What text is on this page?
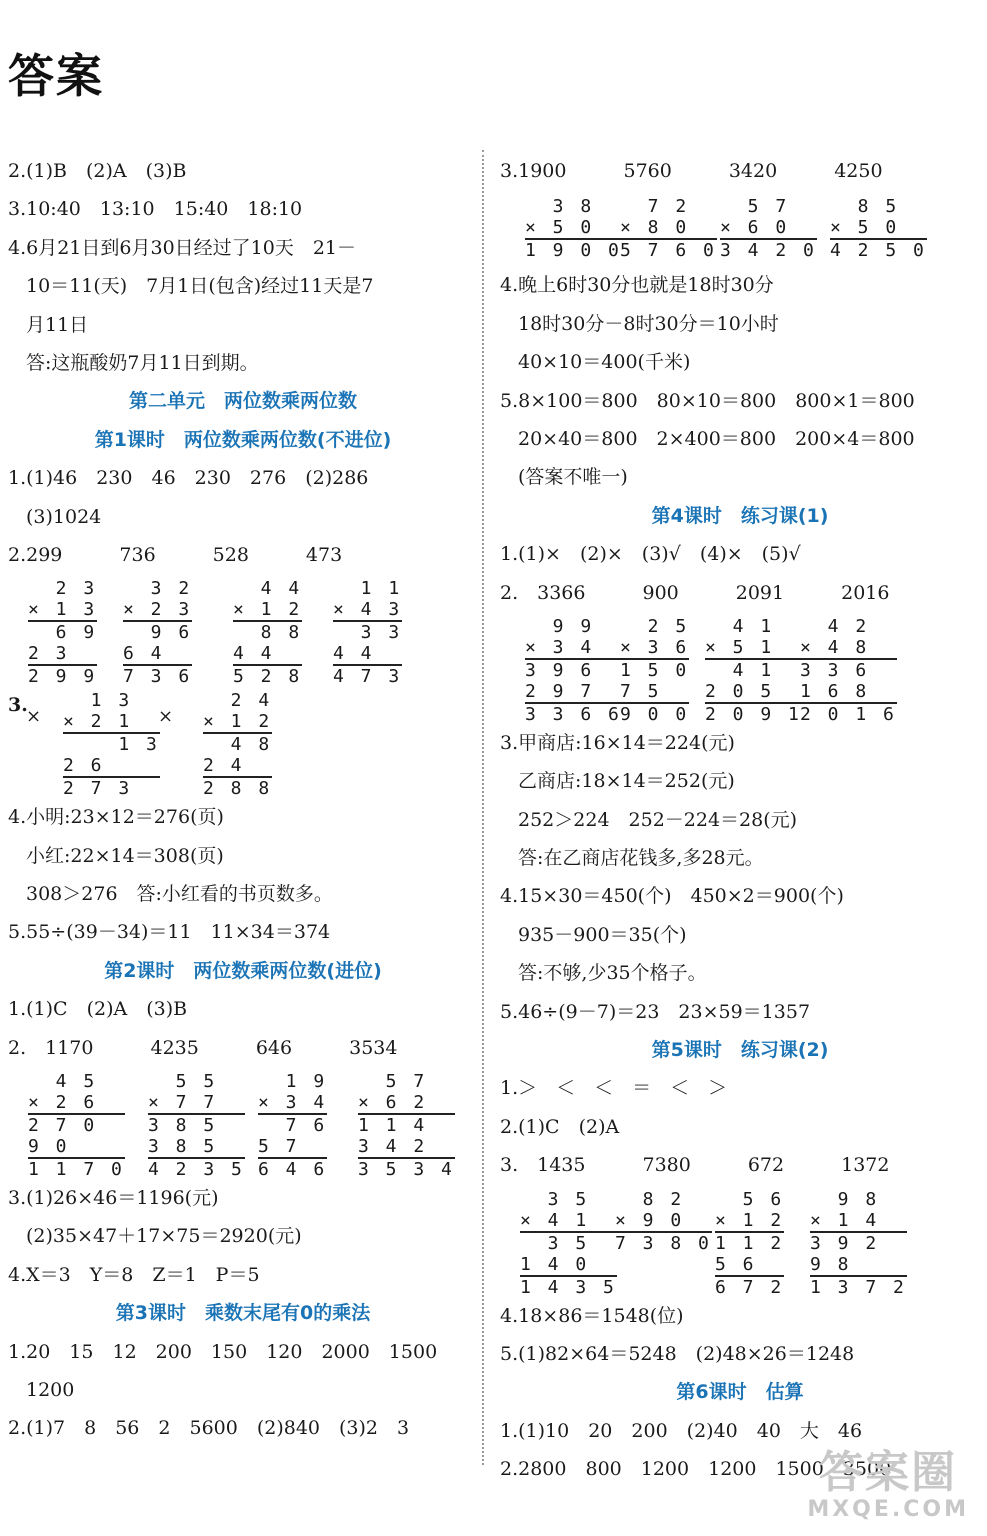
答案
2.(1)B　(2)A　(3)B
3.10:40　13:10　15:40　18:10
4.6月21日到6月30日经过了10天　21－
10＝11(天)　7月1日(包含)经过11天是7
月11日
答:这瓶酸奶7月11日到期。
第二单元　两位数乘两位数
第1课时　两位数乘两位数(不进位)
1.(1)46　230　46　230　276　(2)286
(3)1024
2.299　　　736　　　528　　　473
2 3
× 1 3
6 9
2 3
2 9 9
3 2
× 2 3
9 6
6 4
7 3 6
4 4
× 1 2
8 8
4 4
5 2 8
1 1
× 4 3
3 3
4 4
4 7 3
3.
×
1 3
× 2 1
1 3
2 6
2 7 3
×
2 4
× 1 2
4 8
2 4
2 8 8
4.小明:23×12＝276(页)
小红:22×14＝308(页)
308＞276　答:小红看的书页数多。
5.55÷(39－34)＝11　11×34＝374
第2课时　两位数乘两位数(进位)
1.(1)C　(2)A　(3)B
2.　1170　　　4235　　　646　　　3534
4 5
× 2 6
2 7 0
9 0
1 1 7 0
5 5
× 7 7
3 8 5
3 8 5
4 2 3 5
1 9
× 3 4
7 6
5 7
6 4 6
5 7
× 6 2
1 1 4
3 4 2
3 5 3 4
3.(1)26×46＝1196(元)
(2)35×47＋17×75＝2920(元)
4.X＝3　Y＝8　Z＝1　P＝5
第3课时　乘数末尾有0的乘法
1.20　15　12　200　150　120　2000　1500
1200
2.(1)7　8　56　2　5600　(2)840　(3)2　3
3.1900　　　5760　　　3420　　　4250
3 8
× 5 0
1 9 0 0
7 2
× 8 0
5 7 6 0
5 7
× 6 0
3 4 2 0
8 5
× 5 0
4 2 5 0
4.晚上6时30分也就是18时30分
18时30分－8时30分＝10小时
40×10＝400(千米)
5.8×100＝800　80×10＝800　800×1＝800
20×40＝800　2×400＝800　200×4＝800
(答案不唯一)
第4课时　练习课(1)
1.(1)×　(2)×　(3)√　(4)×　(5)√
2.　3366　　　900　　　2091　　　2016
9 9
× 3 4
3 9 6
2 9 7
3 3 6 6
2 5
× 3 6
1 5 0
7 5
9 0 0
4 1
× 5 1
4 1
2 0 5
2 0 9 1
4 2
× 4 8
3 3 6
1 6 8
2 0 1 6
3.甲商店:16×14＝224(元)
乙商店:18×14＝252(元)
252＞224　252－224＝28(元)
答:在乙商店花钱多,多28元。
4.15×30＝450(个)　450×2＝900(个)
935－900＝35(个)
答:不够,少35个格子。
5.46÷(9－7)＝23　23×59＝1357
第5课时　练习课(2)
1.＞　＜　＜　＝　＜　＞
2.(1)C　(2)A
3.　1435　　　7380　　　672　　　1372
3 5
× 4 1
3 5
1 4 0
1 4 3 5
8 2
× 9 0
7 3 8 0
5 6
× 1 2
1 1 2
5 6
6 7 2
9 8
× 1 4
3 9 2
9 8
1 3 7 2
4.18×86＝1548(位)
5.(1)82×64＝5248　(2)48×26＝1248
第6课时　估算
1.(1)10　20　200　(2)40　40　大　46
2.2800　800　1200　1200　1500　3500
答案圈
MXQE.COM
